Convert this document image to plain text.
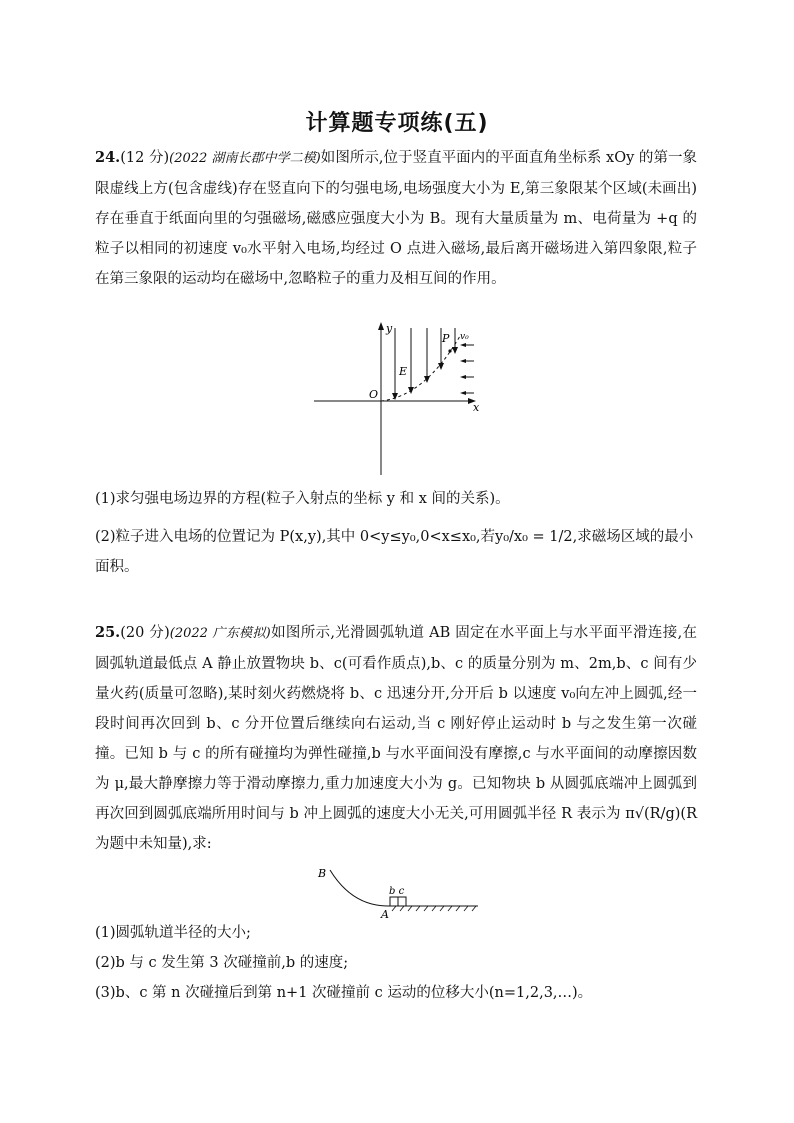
计算题专项练(五)
24.(12 分)(2022 湖南长郡中学二模)如图所示,位于竖直平面内的平面直角坐标系 xOy 的第一象限虚线上方(包含虚线)存在竖直向下的匀强电场,电场强度大小为 E,第三象限某个区域(未画出)存在垂直于纸面向里的匀强磁场,磁感应强度大小为 B。现有大量质量为 m、电荷量为 +q 的粒子以相同的初速度 v₀水平射入电场,均经过 O 点进入磁场,最后离开磁场进入第四象限,粒子在第三象限的运动均在磁场中,忽略粒子的重力及相互间的作用。
y
x
O
E
P v₀
(1)求匀强电场边界的方程(粒子入射点的坐标 y 和 x 间的关系)。
(2)粒子进入电场的位置记为 P(x,y),其中 0<y≤y₀,0<x≤x₀,若y₀/x₀ = 1/2,求磁场区域的最小面积。
25.(20 分)(2022 广东模拟)如图所示,光滑圆弧轨道 AB 固定在水平面上与水平面平滑连接,在圆弧轨道最低点 A 静止放置物块 b、c(可看作质点),b、c 的质量分别为 m、2m,b、c 间有少量火药(质量可忽略),某时刻火药燃烧将 b、c 迅速分开,分开后 b 以速度 v₀向左冲上圆弧,经一段时间再次回到 b、c 分开位置后继续向右运动,当 c 刚好停止运动时 b 与之发生第一次碰撞。已知 b 与 c 的所有碰撞均为弹性碰撞,b 与水平面间没有摩擦,c 与水平面间的动摩擦因数为 μ,最大静摩擦力等于滑动摩擦力,重力加速度大小为 g。已知物块 b 从圆弧底端冲上圆弧到再次回到圆弧底端所用时间与 b 冲上圆弧的速度大小无关,可用圆弧半径 R 表示为 π√(R/g)(R 为题中未知量),求:
B
A
b c
(1)圆弧轨道半径的大小;
(2)b 与 c 发生第 3 次碰撞前,b 的速度;
(3)b、c 第 n 次碰撞后到第 n+1 次碰撞前 c 运动的位移大小(n=1,2,3,…)。
